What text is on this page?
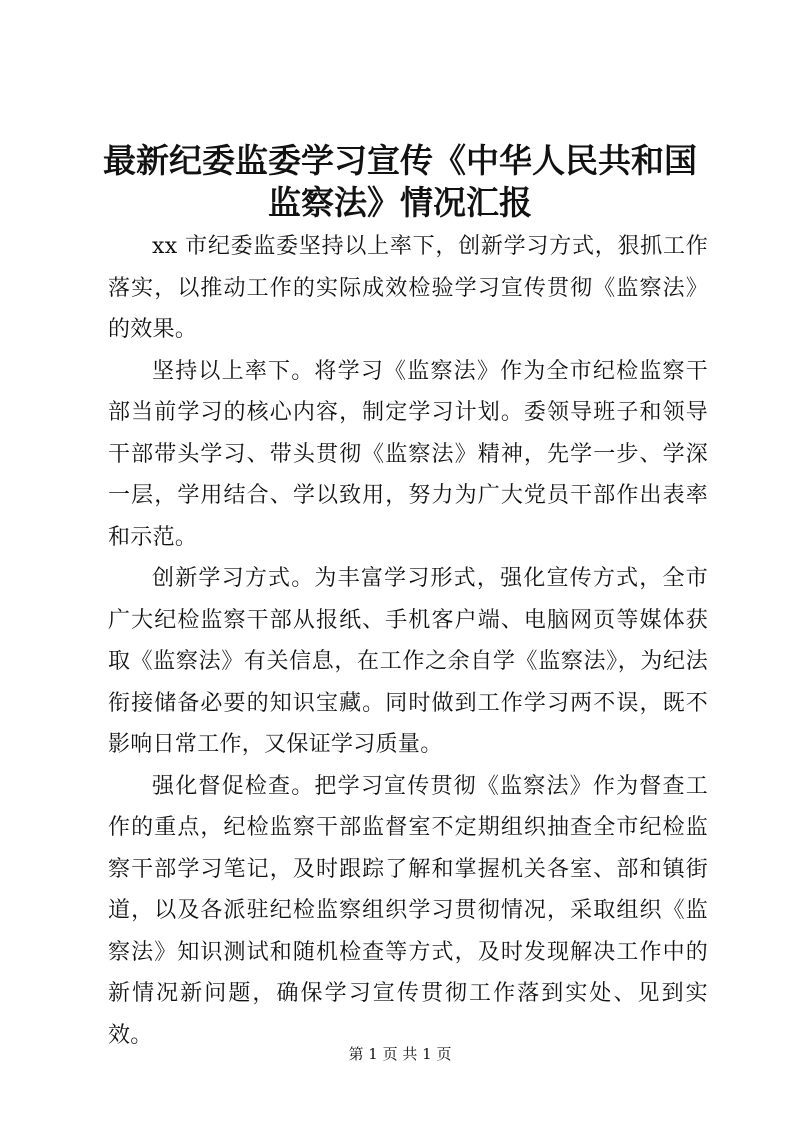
最新纪委监委学习宣传《中华人民共和国监察法》情况汇报

xx 市纪委监委坚持以上率下，创新学习方式，狠抓工作落实，以推动工作的实际成效检验学习宣传贯彻《监察法》的效果。

坚持以上率下。将学习《监察法》作为全市纪检监察干部当前学习的核心内容，制定学习计划。委领导班子和领导干部带头学习、带头贯彻《监察法》精神，先学一步、学深一层，学用结合、学以致用，努力为广大党员干部作出表率和示范。

创新学习方式。为丰富学习形式，强化宣传方式，全市广大纪检监察干部从报纸、手机客户端、电脑网页等媒体获取《监察法》有关信息，在工作之余自学《监察法》，为纪法衔接储备必要的知识宝藏。同时做到工作学习两不误，既不影响日常工作，又保证学习质量。

强化督促检查。把学习宣传贯彻《监察法》作为督查工作的重点，纪检监察干部监督室不定期组织抽查全市纪检监察干部学习笔记，及时跟踪了解和掌握机关各室、部和镇街道，以及各派驻纪检监察组织学习贯彻情况，采取组织《监察法》知识测试和随机检查等方式，及时发现解决工作中的新情况新问题，确保学习宣传贯彻工作落到实处、见到实效。

第 1 页 共 1 页
